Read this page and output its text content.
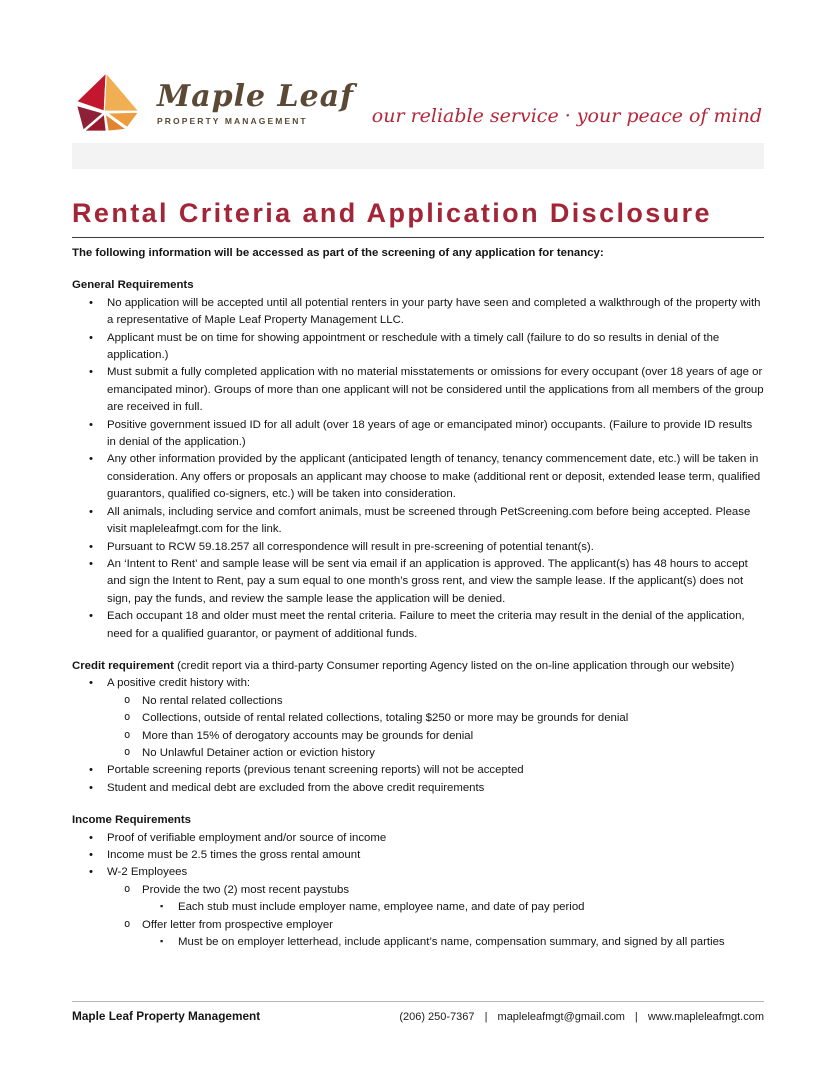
Maple Leaf
PROPERTY MANAGEMENT	our reliable service · your peace of mind
Rental Criteria and Application Disclosure

The following information will be accessed as part of the screening of any application for tenancy:

General Requirements

• No application will be accepted until all potential renters in your party have seen and completed a walkthrough of the property with a representative of Maple Leaf Property Management LLC.
• Applicant must be on time for showing appointment or reschedule with a timely call (failure to do so results in denial of the application.)
• Must submit a fully completed application with no material misstatements or omissions for every occupant (over 18 years of age or emancipated minor). Groups of more than one applicant will not be considered until the applications from all members of the group are received in full.
• Positive government issued ID for all adult (over 18 years of age or emancipated minor) occupants. (Failure to provide ID results in denial of the application.)
• Any other information provided by the applicant (anticipated length of tenancy, tenancy commencement date, etc.) will be taken in consideration. Any offers or proposals an applicant may choose to make (additional rent or deposit, extended lease term, qualified guarantors, qualified co-signers, etc.) will be taken into consideration.
• All animals, including service and comfort animals, must be screened through PetScreening.com before being accepted. Please visit mapleleafmgt.com for the link.
• Pursuant to RCW 59.18.257 all correspondence will result in pre-screening of potential tenant(s).
• An ‘Intent to Rent’ and sample lease will be sent via email if an application is approved. The applicant(s) has 48 hours to accept and sign the Intent to Rent, pay a sum equal to one month’s gross rent, and view the sample lease. If the applicant(s) does not sign, pay the funds, and review the sample lease the application will be denied.
• Each occupant 18 and older must meet the rental criteria. Failure to meet the criteria may result in the denial of the application, need for a qualified guarantor, or payment of additional funds.

Credit requirement (credit report via a third-party Consumer reporting Agency listed on the on-line application through our website)

• A positive credit history with:
o No rental related collections
o Collections, outside of rental related collections, totaling $250 or more may be grounds for denial
o More than 15% of derogatory accounts may be grounds for denial
o No Unlawful Detainer action or eviction history
• Portable screening reports (previous tenant screening reports) will not be accepted
• Student and medical debt are excluded from the above credit requirements

Income Requirements

• Proof of verifiable employment and/or source of income
• Income must be 2.5 times the gross rental amount
• W-2 Employees
o Provide the two (2) most recent paystubs
▪ Each stub must include employer name, employee name, and date of pay period
o Offer letter from prospective employer
▪ Must be on employer letterhead, include applicant’s name, compensation summary, and signed by all parties
Maple Leaf Property Management	(206) 250-7367 | mapleleafmgt@gmail.com | www.mapleleafmgt.com
